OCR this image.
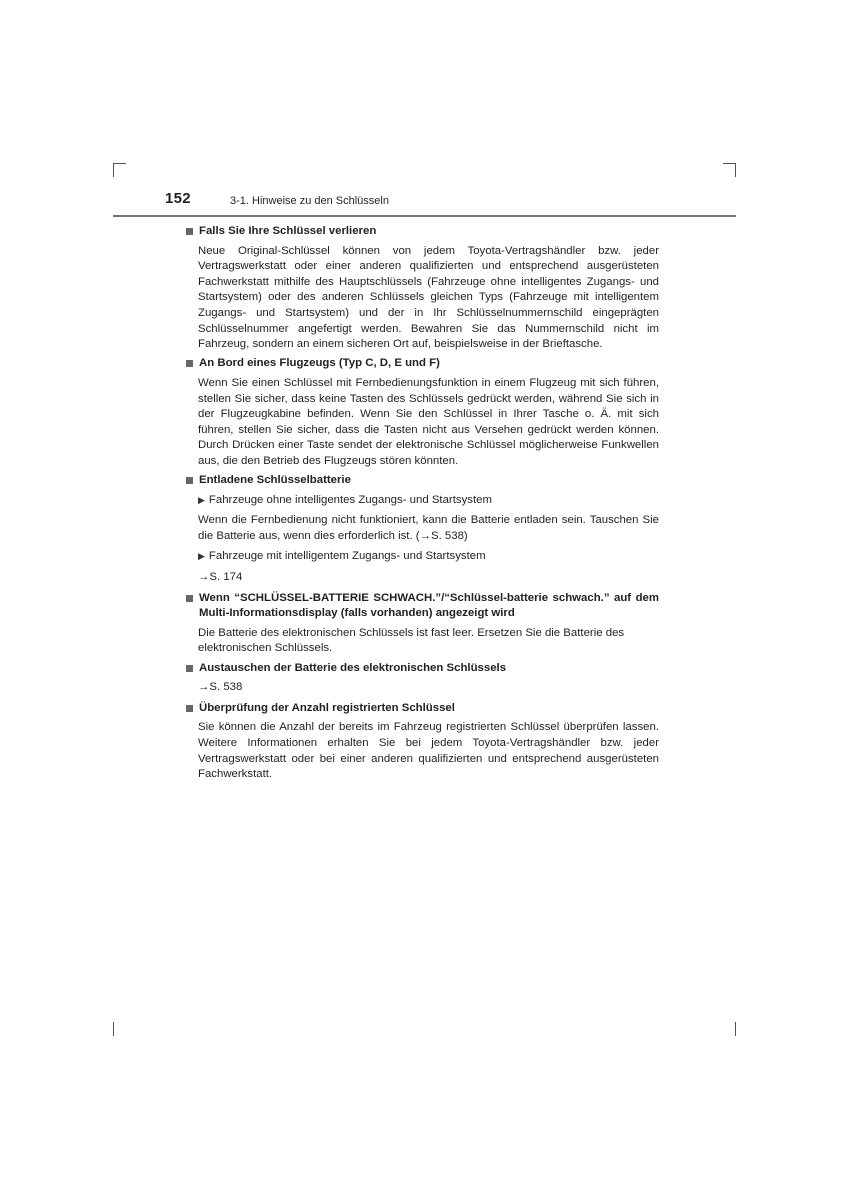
152	3-1. Hinweise zu den Schlüsseln
Falls Sie Ihre Schlüssel verlieren
Neue Original-Schlüssel können von jedem Toyota-Vertragshändler bzw. jeder Vertragswerkstatt oder einer anderen qualifizierten und entsprechend ausgerüsteten Fachwerkstatt mithilfe des Hauptschlüssels (Fahrzeuge ohne intelligentes Zugangs- und Startsystem) oder des anderen Schlüssels gleichen Typs (Fahrzeuge mit intelligentem Zugangs- und Startsystem) und der in Ihr Schlüsselnummernschild eingeprägten Schlüsselnummer angefertigt werden. Bewahren Sie das Nummernschild nicht im Fahrzeug, sondern an einem sicheren Ort auf, beispielsweise in der Brieftasche.
An Bord eines Flugzeugs (Typ C, D, E und F)
Wenn Sie einen Schlüssel mit Fernbedienungsfunktion in einem Flugzeug mit sich führen, stellen Sie sicher, dass keine Tasten des Schlüssels gedrückt werden, während Sie sich in der Flugzeugkabine befinden. Wenn Sie den Schlüssel in Ihrer Tasche o. Ä. mit sich führen, stellen Sie sicher, dass die Tasten nicht aus Versehen gedrückt werden können. Durch Drücken einer Taste sendet der elektronische Schlüssel möglicherweise Funkwellen aus, die den Betrieb des Flugzeugs stören könnten.
Entladene Schlüsselbatterie
▶ Fahrzeuge ohne intelligentes Zugangs- und Startsystem
Wenn die Fernbedienung nicht funktioniert, kann die Batterie entladen sein. Tauschen Sie die Batterie aus, wenn dies erforderlich ist. (→S. 538)
▶ Fahrzeuge mit intelligentem Zugangs- und Startsystem
→S. 174
Wenn “SCHLÜSSEL-BATTERIE SCHWACH.”/“Schlüssel-batterie schwach.” auf dem Multi-Informationsdisplay (falls vorhanden) angezeigt wird
Die Batterie des elektronischen Schlüssels ist fast leer. Ersetzen Sie die Batterie des elektronischen Schlüssels.
Austauschen der Batterie des elektronischen Schlüssels
→S. 538
Überprüfung der Anzahl registrierten Schlüssel
Sie können die Anzahl der bereits im Fahrzeug registrierten Schlüssel überprüfen lassen. Weitere Informationen erhalten Sie bei jedem Toyota-Vertragshändler bzw. jeder Vertragswerkstatt oder bei einer anderen qualifizierten und entsprechend ausgerüsteten Fachwerkstatt.
